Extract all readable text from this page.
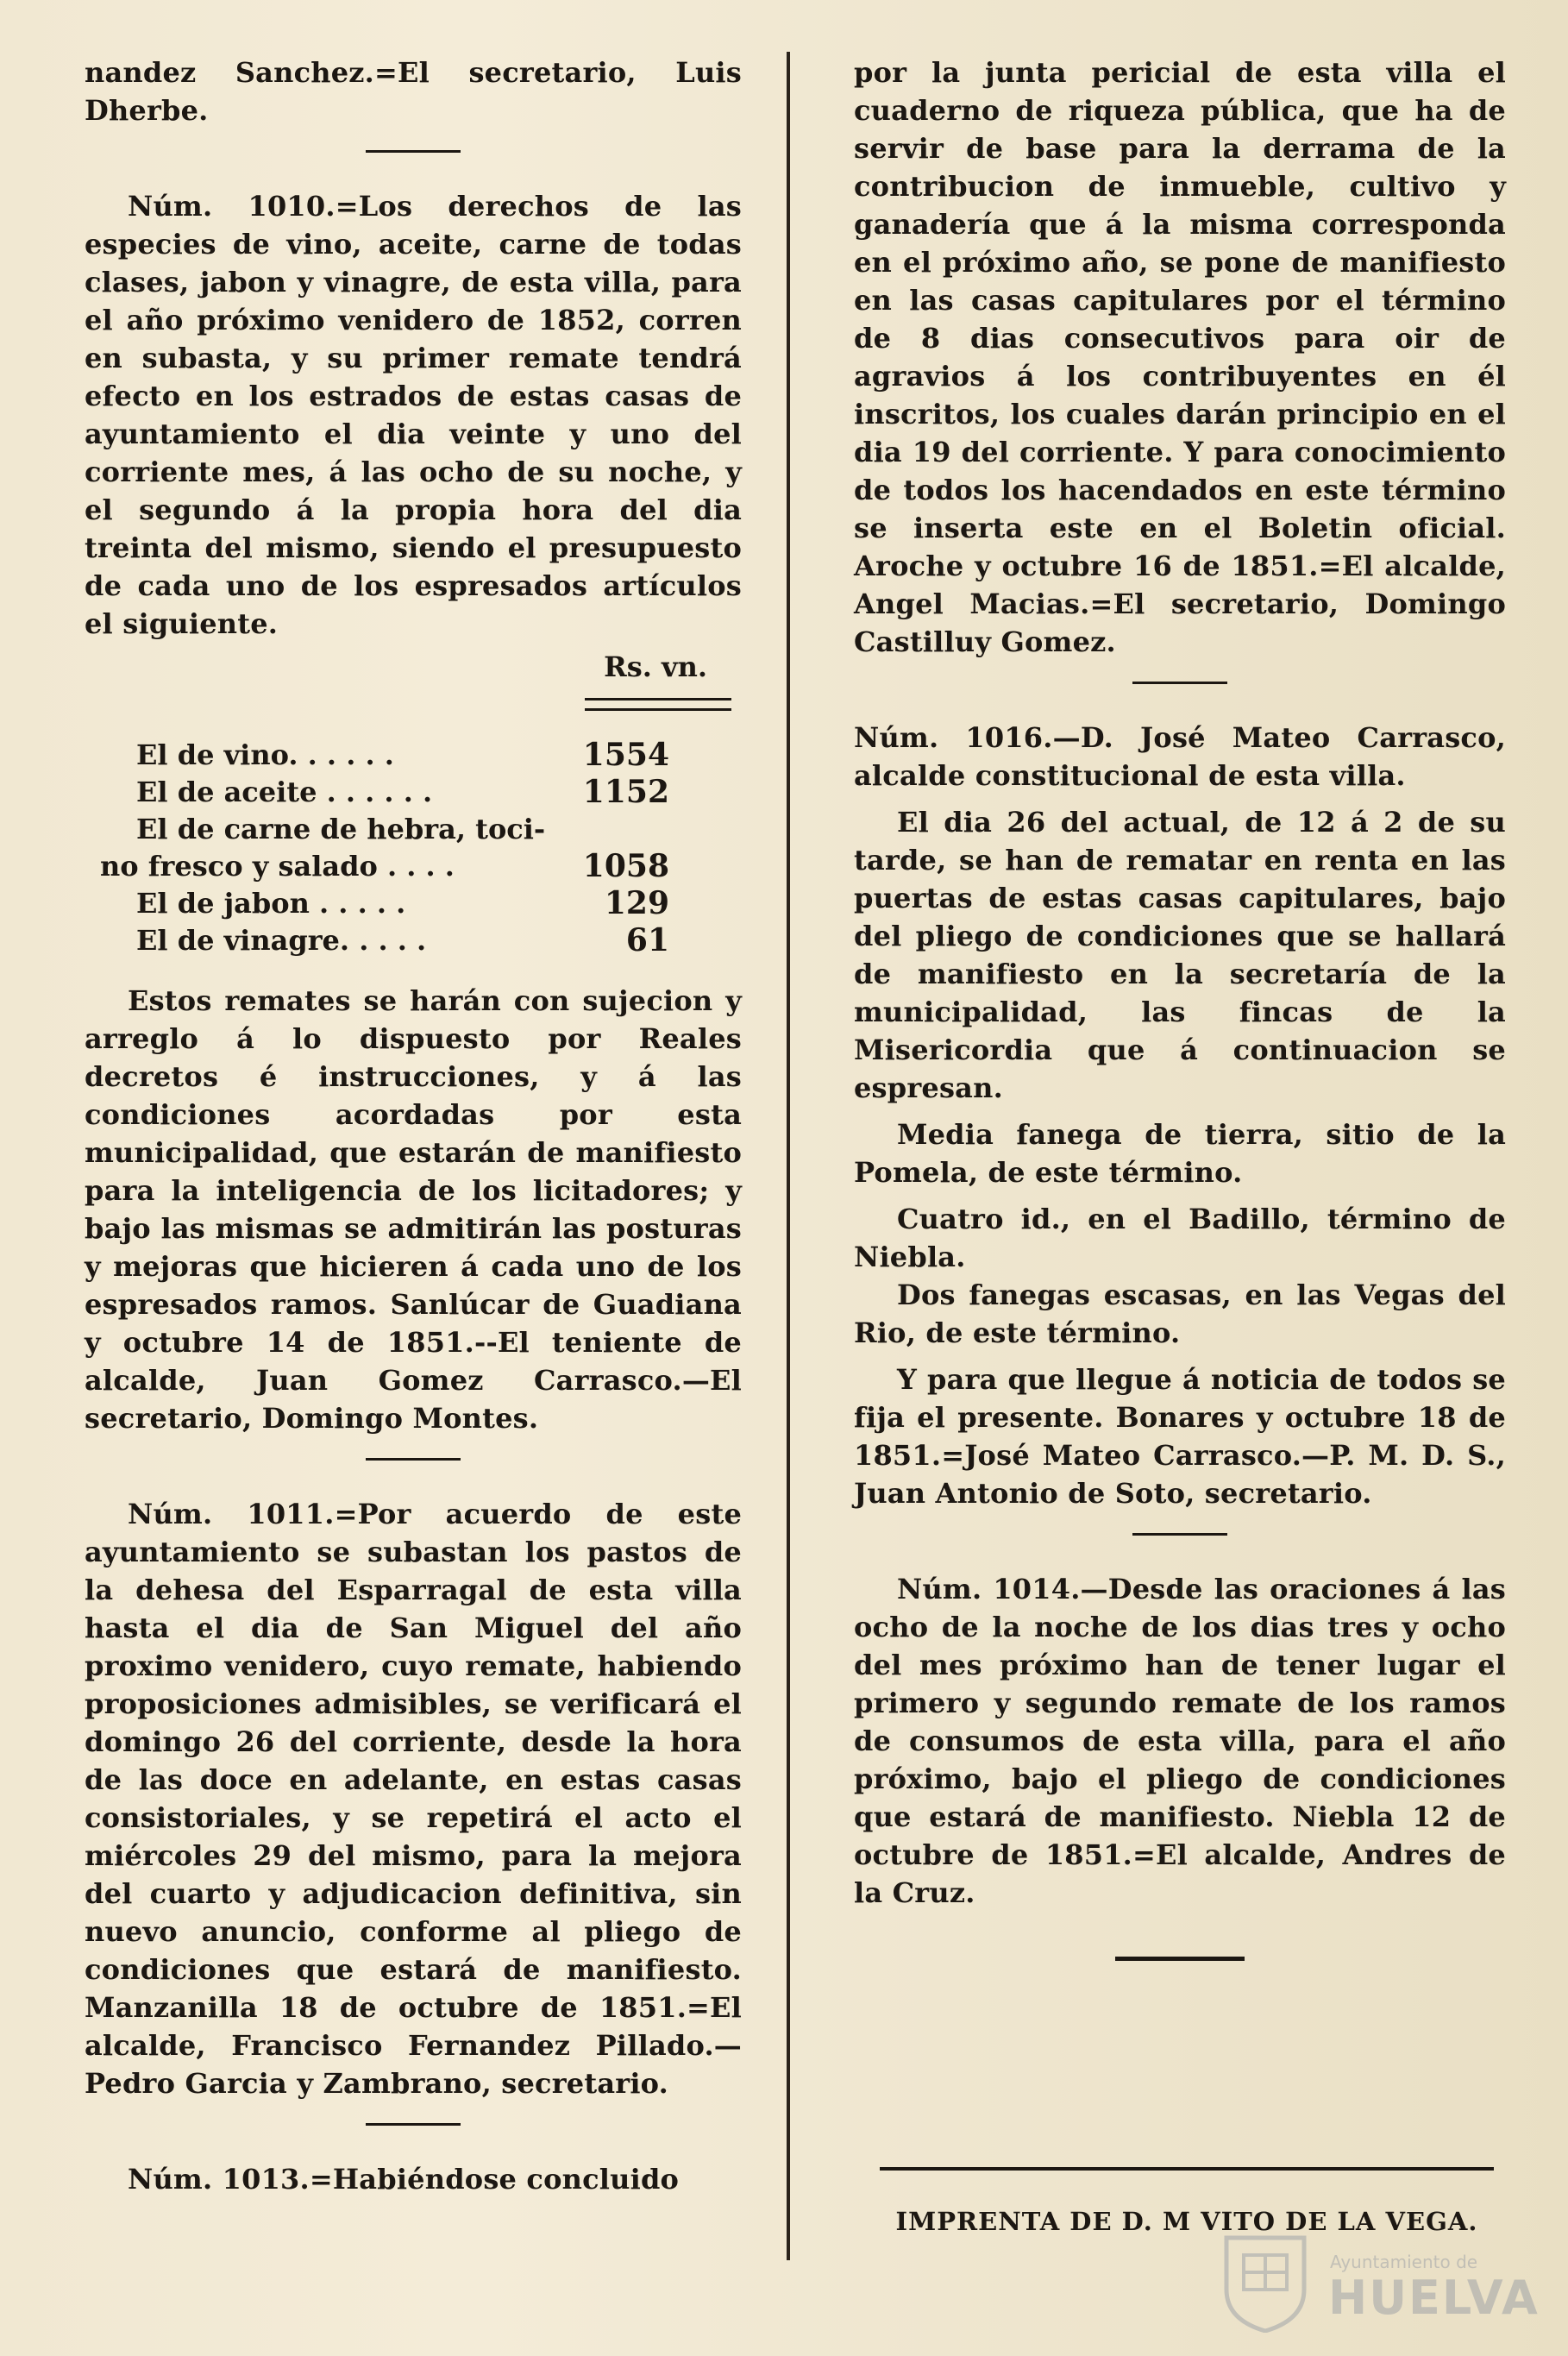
nandez Sanchez.=El secretario, Luis Dherbe.

Núm. 1010.=Los derechos de las especies de vino, aceite, carne de todas clases, jabon y vinagre, de esta villa, para el año próximo venidero de 1852, corren en subasta, y su primer remate tendrá efecto en los estrados de estas casas de ayuntamiento el dia veinte y uno del corriente mes, á las ocho de su noche, y el segundo á la propia hora del dia treinta del mismo, siendo el presupuesto de cada uno de los espresados artículos el siguiente.

Rs. vn.
El de vino. . . . . .	1554
El de aceite . . . . . .	1152
El de carne de hebra, toci-	
no fresco y salado . . . .	1058
El de jabon . . . . .	129
El de vinagre. . . . .	61

Estos remates se harán con sujecion y arreglo á lo dispuesto por Reales decretos é instrucciones, y á las condiciones acordadas por esta municipalidad, que estarán de manifiesto para la inteligencia de los licitadores; y bajo las mismas se admitirán las posturas y mejoras que hicieren á cada uno de los espresados ramos. Sanlúcar de Guadiana y octubre 14 de 1851.--El teniente de alcalde, Juan Gomez Carrasco.—El secretario, Domingo Montes.

Núm. 1011.=Por acuerdo de este ayuntamiento se subastan los pastos de la dehesa del Esparragal de esta villa hasta el dia de San Miguel del año proximo venidero, cuyo remate, habiendo proposiciones admisibles, se verificará el domingo 26 del corriente, desde la hora de las doce en adelante, en estas casas consistoriales, y se repetirá el acto el miércoles 29 del mismo, para la mejora del cuarto y adjudicacion definitiva, sin nuevo anuncio, conforme al pliego de condiciones que estará de manifiesto. Manzanilla 18 de octubre de 1851.=El alcalde, Francisco Fernandez Pillado.—Pedro Garcia y Zambrano, secretario.

Núm. 1013.=Habiéndose concluido

por la junta pericial de esta villa el cuaderno de riqueza pública, que ha de servir de base para la derrama de la contribucion de inmueble, cultivo y ganadería que á la misma corresponda en el próximo año, se pone de manifiesto en las casas capitulares por el término de 8 dias consecutivos para oir de agravios á los contribuyentes en él inscritos, los cuales darán principio en el dia 19 del corriente. Y para conocimiento de todos los hacendados en este término se inserta este en el Boletin oficial. Aroche y octubre 16 de 1851.=El alcalde, Angel Macias.=El secretario, Domingo Castilluy Gomez.

Núm. 1016.—D. José Mateo Carrasco, alcalde constitucional de esta villa.

El dia 26 del actual, de 12 á 2 de su tarde, se han de rematar en renta en las puertas de estas casas capitulares, bajo del pliego de condiciones que se hallará de manifiesto en la secretaría de la municipalidad, las fincas de la Misericordia que á continuacion se espresan.

Media fanega de tierra, sitio de la Pomela, de este término.

Cuatro id., en el Badillo, término de Niebla.

Dos fanegas escasas, en las Vegas del Rio, de este término.

Y para que llegue á noticia de todos se fija el presente. Bonares y octubre 18 de 1851.=José Mateo Carrasco.—P. M. D. S., Juan Antonio de Soto, secretario.

Núm. 1014.—Desde las oraciones á las ocho de la noche de los dias tres y ocho del mes próximo han de tener lugar el primero y segundo remate de los ramos de consumos de esta villa, para el año próximo, bajo el pliego de condiciones que estará de manifiesto. Niebla 12 de octubre de 1851.=El alcalde, Andres de la Cruz.

IMPRENTA DE D. M VITO DE LA VEGA.
Ayuntamiento de
HUELVA
